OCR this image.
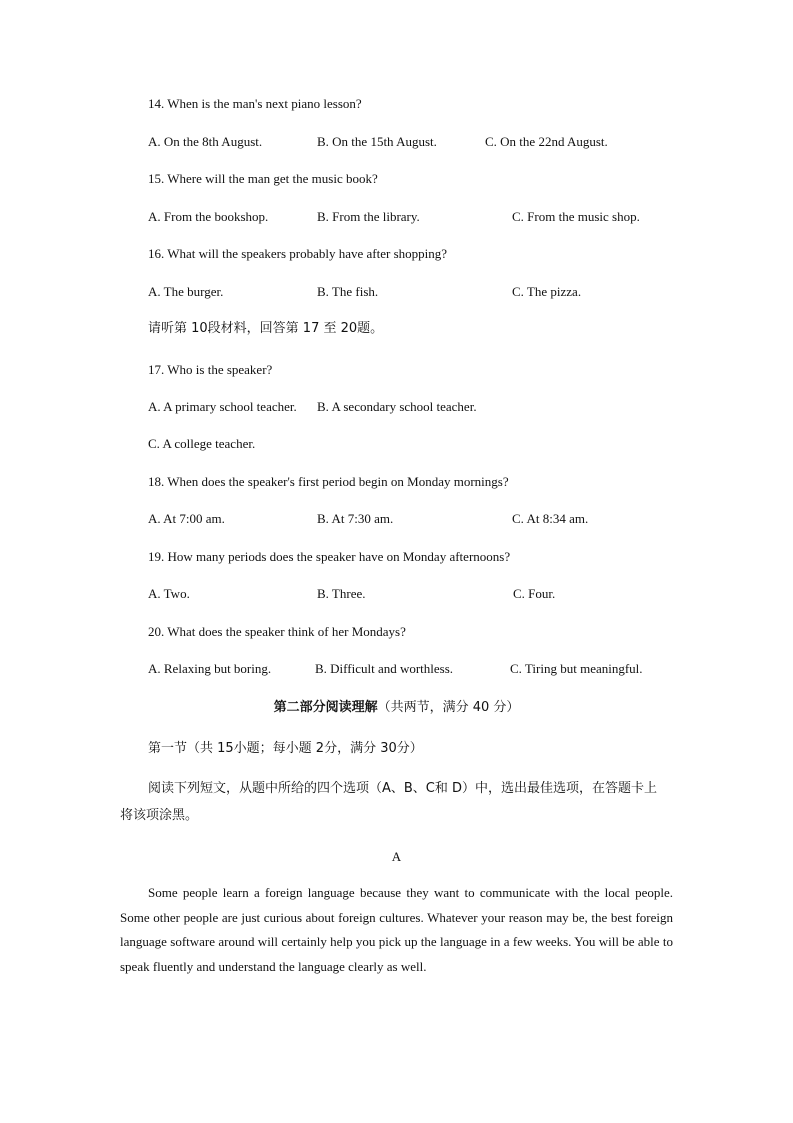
14. When is the man's next piano lesson?
A. On the 8th August.	B. On the 15th August.	C. On the 22nd August.
15. Where will the man get the music book?
A. From the bookshop.	B. From the library.	C. From the music shop.
16. What will the speakers probably have after shopping?
A. The burger.	B. The fish.	C. The pizza.
请听第 10段材料，回答第 17 至 20题。
17. Who is the speaker?
A. A primary school teacher. B. A secondary school teacher.
C. A college teacher.
18. When does the speaker's first period begin on Monday mornings?
A. At 7:00 am.	B. At 7:30 am.	C. At 8:34 am.
19. How many periods does the speaker have on Monday afternoons?
A. Two.	B. Three.	C. Four.
20. What does the speaker think of her Mondays?
A. Relaxing but boring.	B. Difficult and worthless.	C. Tiring but meaningful.
第二部分阅读理解（共两节，满分 40 分）
第一节（共 15小题；每小题 2分，满分 30分）
阅读下列短文，从题中所给的四个选项（A、B、C和 D）中，选出最佳选项，在答题卡上 将该项涂黑。
A
Some people learn a foreign language because they want to communicate with the local people. Some other people are just curious about foreign cultures. Whatever your reason may be, the best foreign language software around will certainly help you pick up the language in a few weeks. You will be able to speak fluently and understand the language clearly as well.
